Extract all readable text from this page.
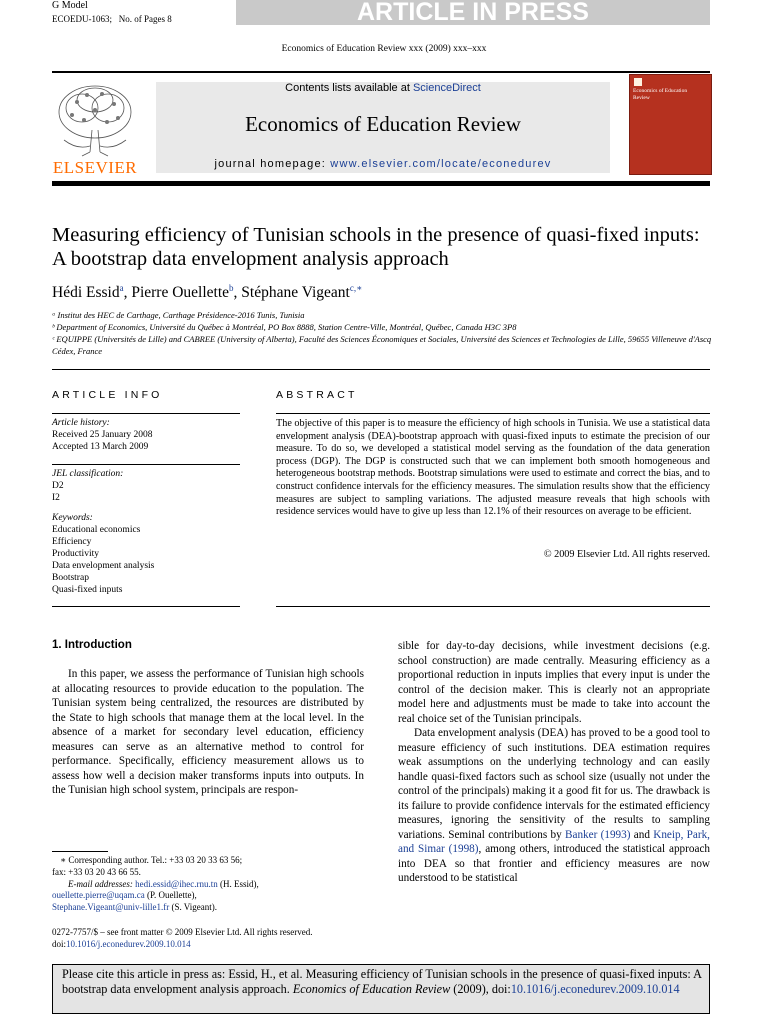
G Model
ECOEDU-1063; No. of Pages 8	ARTICLE IN PRESS
Economics of Education Review xxx (2009) xxx–xxx
ELSEVIER
Contents lists available at ScienceDirect
Economics of Education Review
journal homepage: www.elsevier.com/locate/econedurev
Economics of Education Review
Measuring efficiency of Tunisian schools in the presence of quasi-fixed inputs: A bootstrap data envelopment analysis approach
Hédi Essid$^a$, Pierre Ouellette$^b$, Stéphane Vigeant$^{c,∗}$
ᵃ Institut des HEC de Carthage, Carthage Présidence-2016 Tunis, Tunisia
ᵇ Department of Economics, Université du Québec à Montréal, PO Box 8888, Station Centre-Ville, Montréal, Québec, Canada H3C 3P8
ᶜ EQUIPPE (Universités de Lille) and CABREE (University of Alberta), Faculté des Sciences Économiques et Sociales, Université des Sciences et Technologies de Lille, 59655 Villeneuve d'Ascq Cédex, France
ARTICLE INFO
Article history:
Received 25 January 2008
Accepted 13 March 2009
JEL classification:
D2
I2
Keywords:
Educational economics
Efficiency
Productivity
Data envelopment analysis
Bootstrap
Quasi-fixed inputs
ABSTRACT
The objective of this paper is to measure the efficiency of high schools in Tunisia. We use a statistical data envelopment analysis (DEA)-bootstrap approach with quasi-fixed inputs to estimate the precision of our measure. To do so, we developed a statistical model serving as the foundation of the data generation process (DGP). The DGP is constructed such that we can implement both smooth homogeneous and heterogeneous bootstrap methods. Bootstrap simulations were used to estimate and correct the bias, and to construct confidence intervals for the efficiency measures. The simulation results show that the efficiency measures are subject to sampling variations. The adjusted measure reveals that high schools with residence services would have to give up less than 12.1% of their resources on average to be efficient.
© 2009 Elsevier Ltd. All rights reserved.
1. Introduction

In this paper, we assess the performance of Tunisian high schools at allocating resources to provide education to the population. The Tunisian system being centralized, the resources are distributed by the State to high schools that manage them at the local level. In the absence of a market for secondary level education, efficiency measures can serve as an alternative method to control for performance. Specifically, efficiency measurement allows us to assess how well a decision maker transforms inputs into outputs. In the Tunisian high school system, principals are respon-

sible for day-to-day decisions, while investment decisions (e.g. school construction) are made centrally. Measuring efficiency as a proportional reduction in inputs implies that every input is under the control of the decision maker. This is clearly not an appropriate model here and adjustments must be made to take into account the real choice set of the Tunisian principals.

Data envelopment analysis (DEA) has proved to be a good tool to measure efficiency of such institutions. DEA estimation requires weak assumptions on the underlying technology and can easily handle quasi-fixed factors such as school size (usually not under the control of the principals) making it a good fit for us. The drawback is its failure to provide confidence intervals for the estimated efficiency measures, ignoring the sensitivity of the results to sampling variations. Seminal contributions by Banker (1993) and Kneip, Park, and Simar (1998), among others, introduced the statistical approach into DEA so that frontier and efficiency measures are now understood to be statistical

∗ Corresponding author. Tel.: +33 03 20 33 63 56;
fax: +33 03 20 43 66 55.
E-mail addresses: hedi.essid@ihec.rnu.tn (H. Essid),
ouellette.pierre@uqam.ca (P. Ouellette),
Stephane.Vigeant@univ-lille1.fr (S. Vigeant).
0272-7757/$ – see front matter © 2009 Elsevier Ltd. All rights reserved.
doi:10.1016/j.econedurev.2009.10.014
Please cite this article in press as: Essid, H., et al. Measuring efficiency of Tunisian schools in the presence of quasi-fixed inputs: A bootstrap data envelopment analysis approach. Economics of Education Review (2009), doi:10.1016/j.econedurev.2009.10.014
